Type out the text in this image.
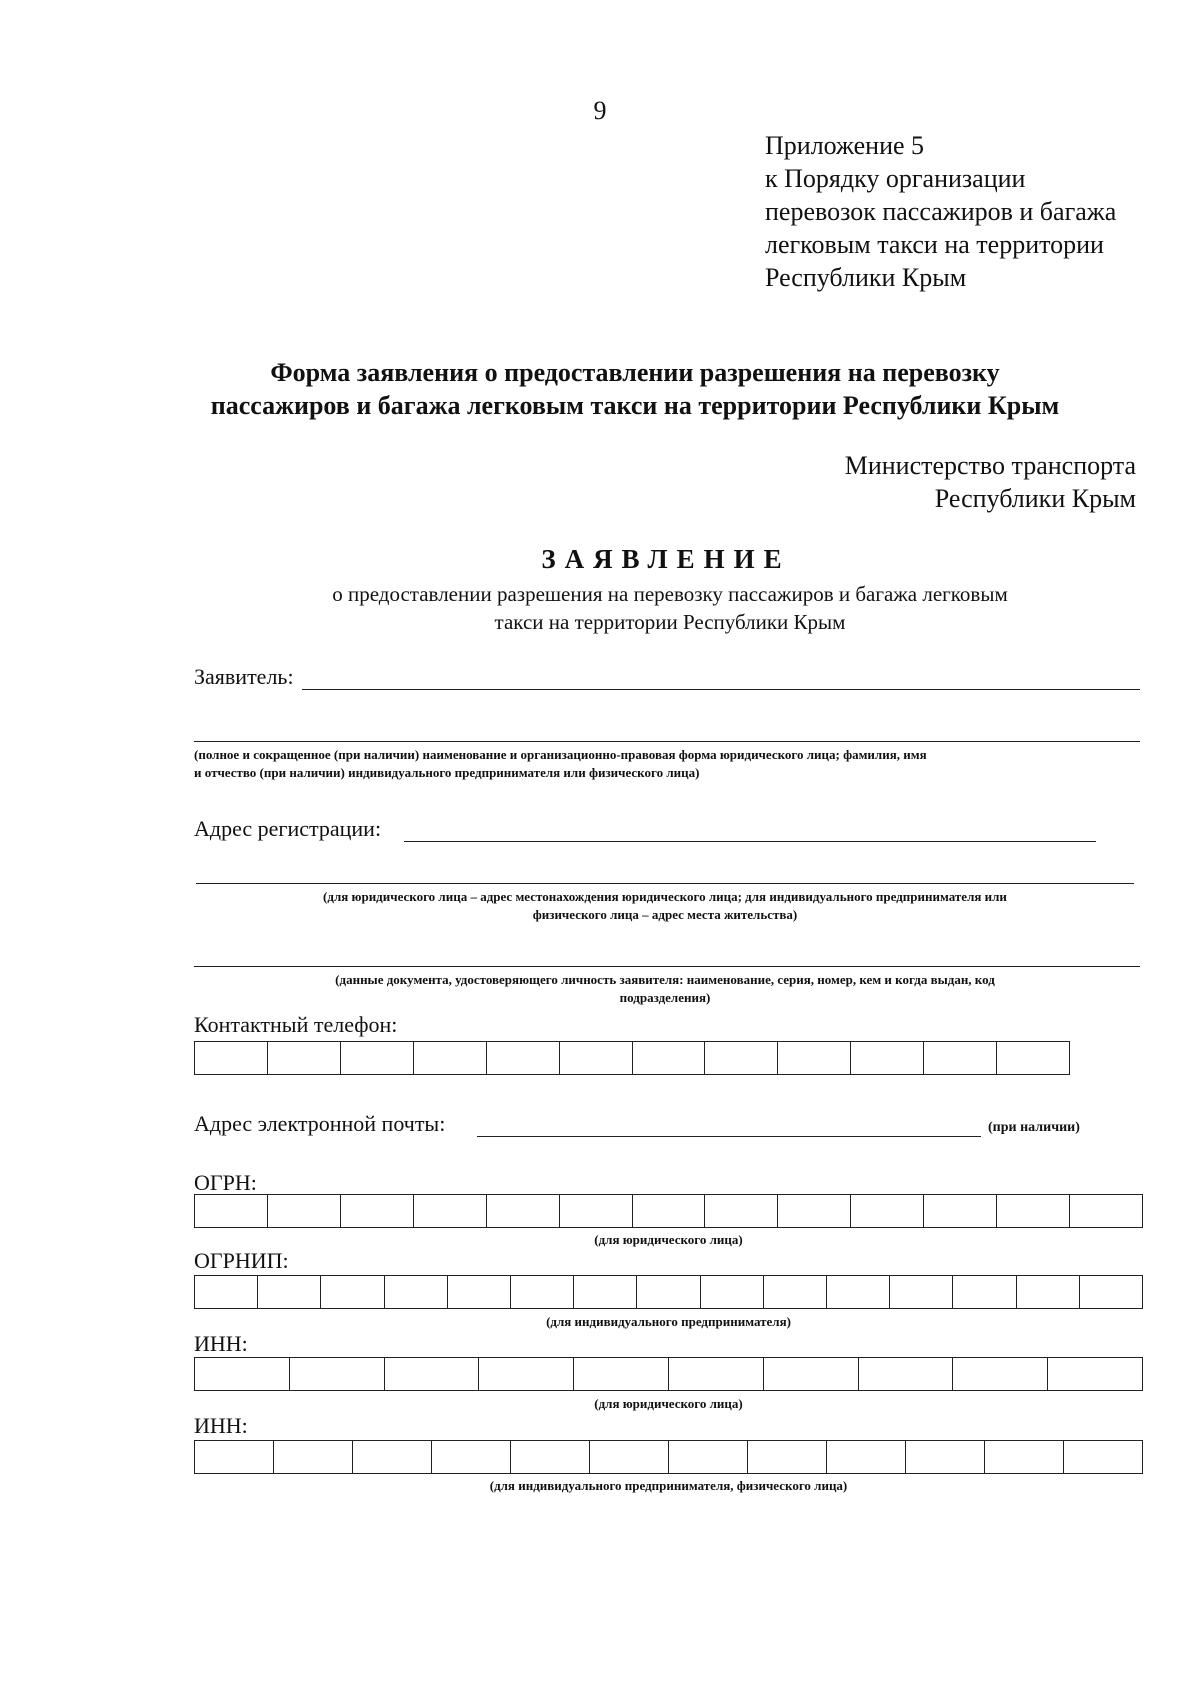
9
Приложение 5
к Порядку организации
перевозок пассажиров и багажа
легковым такси на территории
Республики Крым
Форма заявления о предоставлении разрешения на перевозку
пассажиров и багажа легковым такси на территории Республики Крым
Министерство транспорта
Республики Крым
ЗАЯВЛЕНИЕ
о предоставлении разрешения на перевозку пассажиров и багажа легковым
такси на территории Республики Крым
Заявитель:
(полное и сокращенное (при наличии) наименование и организационно-правовая форма юридического лица; фамилия, имя
и отчество (при наличии) индивидуального предпринимателя или физического лица)
Адрес регистрации:
(для юридического лица – адрес местонахождения юридического лица; для индивидуального предпринимателя или
физического лица – адрес места жительства)
(данные документа, удостоверяющего личность заявителя: наименование, серия, номер, кем и когда выдан, код
подразделения)
Контактный телефон:
Адрес электронной почты:	(при наличии)
ОГРН:
(для юридического лица)
ОГРНИП:
(для индивидуального предпринимателя)
ИНН:
(для юридического лица)
ИНН:
(для индивидуального предпринимателя, физического лица)
